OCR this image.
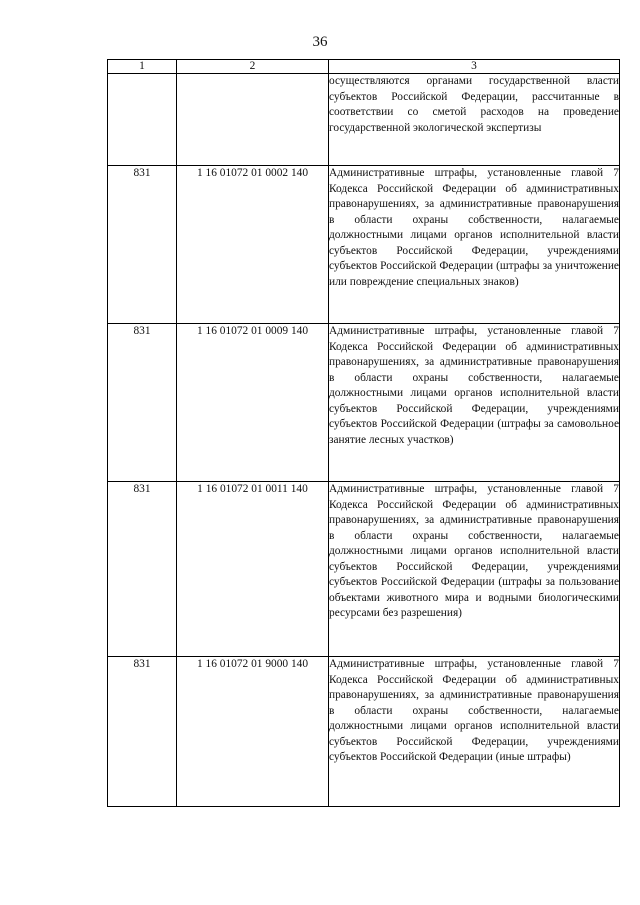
36
1	2	3
		осуществляются органами государственной власти субъектов Российской Федерации, рассчитанные в соответствии со сметой расходов на проведение государственной экологической экспертизы
831	1 16 01072 01 0002 140	Административные штрафы, установленные главой 7 Кодекса Российской Федерации об административных правонарушениях, за административные правонарушения в области охраны собственности, налагаемые должностными лицами органов исполнительной власти субъектов Российской Федерации, учреждениями субъектов Российской Федерации (штрафы за уничтожение или повреждение специальных знаков)
831	1 16 01072 01 0009 140	Административные штрафы, установленные главой 7 Кодекса Российской Федерации об административных правонарушениях, за административные правонарушения в области охраны собственности, налагаемые должностными лицами органов исполнительной власти субъектов Российской Федерации, учреждениями субъектов Российской Федерации (штрафы за самовольное занятие лесных участков)
831	1 16 01072 01 0011 140	Административные штрафы, установленные главой 7 Кодекса Российской Федерации об административных правонарушениях, за административные правонарушения в области охраны собственности, налагаемые должностными лицами органов исполнительной власти субъектов Российской Федерации, учреждениями субъектов Российской Федерации (штрафы за пользование объектами животного мира и водными биологическими ресурсами без разрешения)
831	1 16 01072 01 9000 140	Административные штрафы, установленные главой 7 Кодекса Российской Федерации об административных правонарушениях, за административные правонарушения в области охраны собственности, налагаемые должностными лицами органов исполнительной власти субъектов Российской Федерации, учреждениями субъектов Российской Федерации (иные штрафы)
